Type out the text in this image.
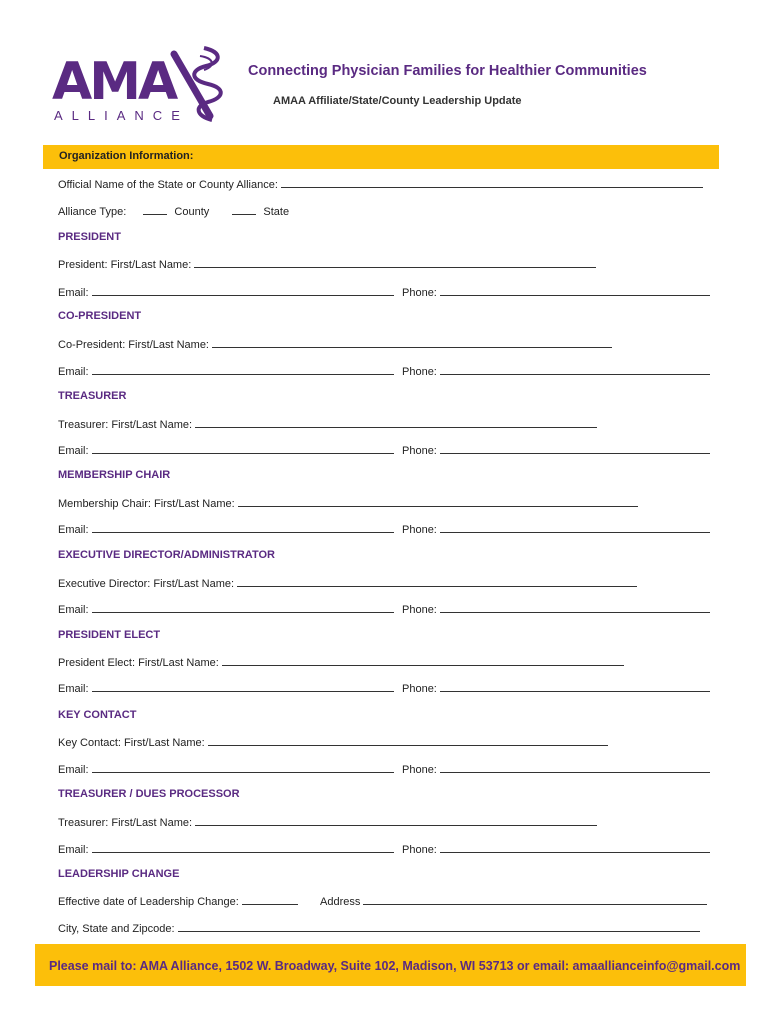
AMA
ALLIANCE
Connecting Physician Families for Healthier Communities
AMAA Affiliate/State/County Leadership Update
Organization Information:
Official Name of the State or County Alliance:
Alliance Type:	County	State
PRESIDENT
President: First/Last Name:
Email:	Phone:
CO-PRESIDENT
Co-President: First/Last Name:
Email:	Phone:
TREASURER
Treasurer: First/Last Name:
Email:	Phone:
MEMBERSHIP CHAIR
Membership Chair: First/Last Name:
Email:	Phone:
EXECUTIVE DIRECTOR/ADMINISTRATOR
Executive Director: First/Last Name:
Email:	Phone:
PRESIDENT ELECT
President Elect: First/Last Name:
Email:	Phone:
KEY CONTACT
Key Contact: First/Last Name:
Email:	Phone:
TREASURER / DUES PROCESSOR
Treasurer: First/Last Name:
Email:	Phone:
LEADERSHIP CHANGE
Effective date of Leadership Change:	Address
City, State and Zipcode:
Please mail to: AMA Alliance, 1502 W. Broadway, Suite 102, Madison, WI 53713 or email: amaallianceinfo@gmail.com
